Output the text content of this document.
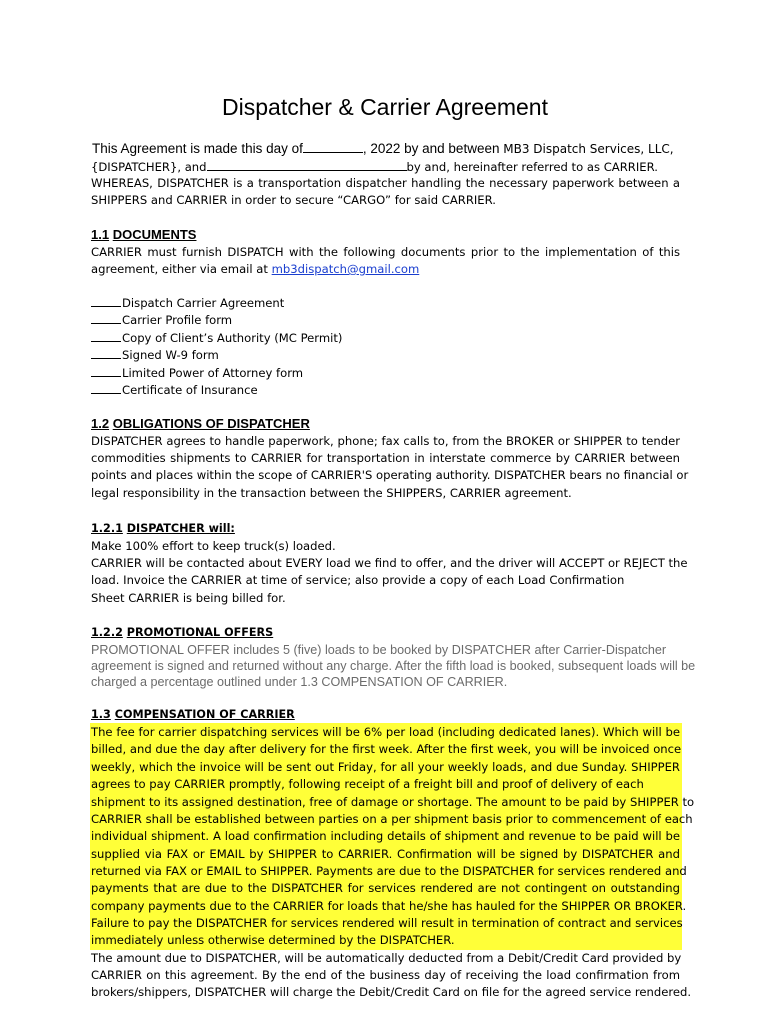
Dispatcher & Carrier Agreement
This Agreement is made this day of	, 2022 by and between MB3 Dispatch Services, LLC,
{DISPATCHER}, and	by and, hereinafter referred to as CARRIER.
WHEREAS, DISPATCHER is a transportation dispatcher handling the necessary paperwork between a
SHIPPERS and CARRIER in order to secure “CARGO” for said CARRIER.
1.1 DOCUMENTS
CARRIER must furnish DISPATCH with the following documents prior to the implementation of this
agreement, either via email at mb3dispatch@gmail.com
Dispatch Carrier Agreement
Carrier Profile form
Copy of Client’s Authority (MC Permit)
Signed W-9 form
Limited Power of Attorney form
Certificate of Insurance
1.2 OBLIGATIONS OF DISPATCHER
DISPATCHER agrees to handle paperwork, phone; fax calls to, from the BROKER or SHIPPER to tender
commodities shipments to CARRIER for transportation in interstate commerce by CARRIER between
points and places within the scope of CARRIER'S operating authority. DISPATCHER bears no financial or
legal responsibility in the transaction between the SHIPPERS, CARRIER agreement.
1.2.1 DISPATCHER will:
Make 100% effort to keep truck(s) loaded.
CARRIER will be contacted about EVERY load we find to offer, and the driver will ACCEPT or REJECT the
load. Invoice the CARRIER at time of service; also provide a copy of each Load Confirmation
Sheet CARRIER is being billed for.
1.2.2 PROMOTIONAL OFFERS
PROMOTIONAL OFFER includes 5 (five) loads to be booked by DISPATCHER after Carrier-Dispatcher
agreement is signed and returned without any charge. After the fifth load is booked, subsequent loads will be
charged a percentage outlined under 1.3 COMPENSATION OF CARRIER.
1.3 COMPENSATION OF CARRIER
The fee for carrier dispatching services will be 6% per load (including dedicated lanes). Which will be
billed, and due the day after delivery for the first week. After the first week, you will be invoiced once
weekly, which the invoice will be sent out Friday, for all your weekly loads, and due Sunday. SHIPPER
agrees to pay CARRIER promptly, following receipt of a freight bill and proof of delivery of each
shipment to its assigned destination, free of damage or shortage. The amount to be paid by SHIPPER to
CARRIER shall be established between parties on a per shipment basis prior to commencement of each
individual shipment. A load confirmation including details of shipment and revenue to be paid will be
supplied via FAX or EMAIL by SHIPPER to CARRIER. Confirmation will be signed by DISPATCHER and
returned via FAX or EMAIL to SHIPPER. Payments are due to the DISPATCHER for services rendered and
payments that are due to the DISPATCHER for services rendered are not contingent on outstanding
company payments due to the CARRIER for loads that he/she has hauled for the SHIPPER OR BROKER.
Failure to pay the DISPATCHER for services rendered will result in termination of contract and services
immediately unless otherwise determined by the DISPATCHER.
The amount due to DISPATCHER, will be automatically deducted from a Debit/Credit Card provided by
CARRIER on this agreement. By the end of the business day of receiving the load confirmation from
brokers/shippers, DISPATCHER will charge the Debit/Credit Card on file for the agreed service rendered.
